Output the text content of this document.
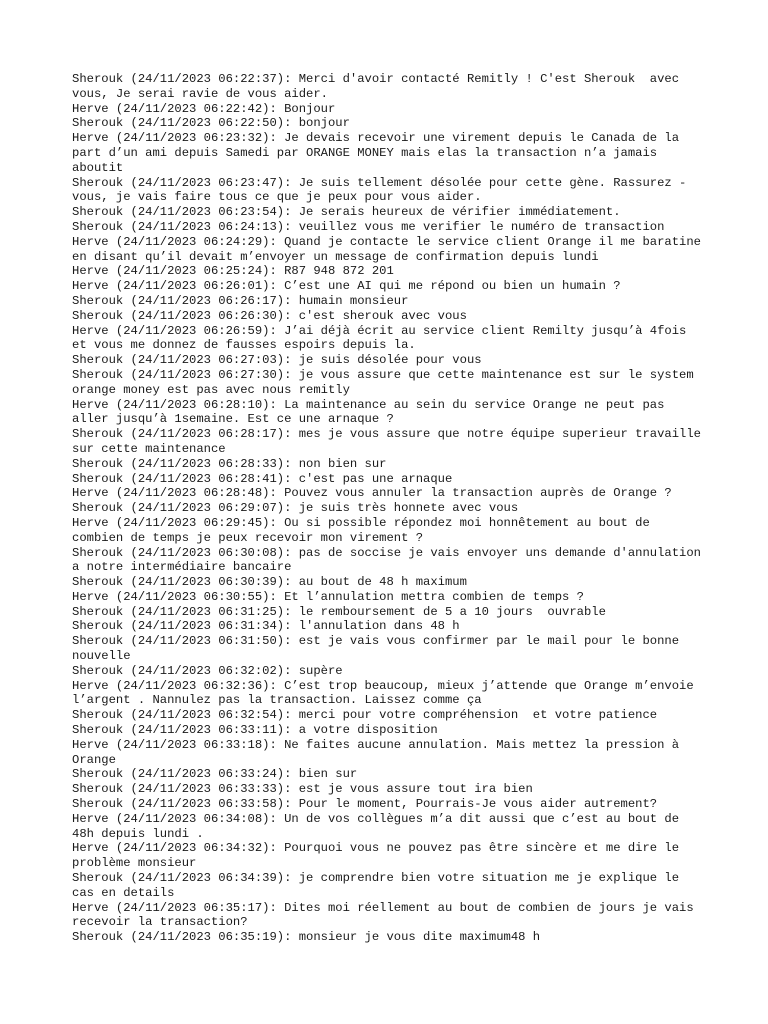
Sherouk (24/11/2023 06:22:37): Merci d'avoir contacté Remitly ! C'est Sherouk  avec vous, Je serai ravie de vous aider.
Herve (24/11/2023 06:22:42): Bonjour
Sherouk (24/11/2023 06:22:50): bonjour
Herve (24/11/2023 06:23:32): Je devais recevoir une virement depuis le Canada de la part d’un ami depuis Samedi par ORANGE MONEY mais elas la transaction n’a jamais aboutit
Sherouk (24/11/2023 06:23:47): Je suis tellement désolée pour cette gène. Rassurez - vous, je vais faire tous ce que je peux pour vous aider.
Sherouk (24/11/2023 06:23:54): Je serais heureux de vérifier immédiatement.
Sherouk (24/11/2023 06:24:13): veuillez vous me verifier le numéro de transaction
Herve (24/11/2023 06:24:29): Quand je contacte le service client Orange il me baratine en disant qu’il devait m’envoyer un message de confirmation depuis lundi
Herve (24/11/2023 06:25:24): R87 948 872 201
Herve (24/11/2023 06:26:01): C’est une AI qui me répond ou bien un humain ?
Sherouk (24/11/2023 06:26:17): humain monsieur
Sherouk (24/11/2023 06:26:30): c'est sherouk avec vous
Herve (24/11/2023 06:26:59): J’ai déjà écrit au service client Remilty jusqu’à 4fois et vous me donnez de fausses espoirs depuis la.
Sherouk (24/11/2023 06:27:03): je suis désolée pour vous
Sherouk (24/11/2023 06:27:30): je vous assure que cette maintenance est sur le system orange money est pas avec nous remitly
Herve (24/11/2023 06:28:10): La maintenance au sein du service Orange ne peut pas aller jusqu’à 1semaine. Est ce une arnaque ?
Sherouk (24/11/2023 06:28:17): mes je vous assure que notre équipe superieur travaille sur cette maintenance
Sherouk (24/11/2023 06:28:33): non bien sur
Sherouk (24/11/2023 06:28:41): c'est pas une arnaque
Herve (24/11/2023 06:28:48): Pouvez vous annuler la transaction auprès de Orange ?
Sherouk (24/11/2023 06:29:07): je suis très honnete avec vous
Herve (24/11/2023 06:29:45): Ou si possible répondez moi honnêtement au bout de combien de temps je peux recevoir mon virement ?
Sherouk (24/11/2023 06:30:08): pas de soccise je vais envoyer uns demande d'annulation a notre intermédiaire bancaire
Sherouk (24/11/2023 06:30:39): au bout de 48 h maximum
Herve (24/11/2023 06:30:55): Et l’annulation mettra combien de temps ?
Sherouk (24/11/2023 06:31:25): le remboursement de 5 a 10 jours  ouvrable
Sherouk (24/11/2023 06:31:34): l'annulation dans 48 h
Sherouk (24/11/2023 06:31:50): est je vais vous confirmer par le mail pour le bonne nouvelle
Sherouk (24/11/2023 06:32:02): supère
Herve (24/11/2023 06:32:36): C’est trop beaucoup, mieux j’attende que Orange m’envoie l’argent . Nannulez pas la transaction. Laissez comme ça
Sherouk (24/11/2023 06:32:54): merci pour votre compréhension  et votre patience
Sherouk (24/11/2023 06:33:11): a votre disposition
Herve (24/11/2023 06:33:18): Ne faites aucune annulation. Mais mettez la pression à Orange
Sherouk (24/11/2023 06:33:24): bien sur
Sherouk (24/11/2023 06:33:33): est je vous assure tout ira bien
Sherouk (24/11/2023 06:33:58): Pour le moment, Pourrais-Je vous aider autrement?
Herve (24/11/2023 06:34:08): Un de vos collègues m’a dit aussi que c’est au bout de 48h depuis lundi .
Herve (24/11/2023 06:34:32): Pourquoi vous ne pouvez pas être sincère et me dire le problème monsieur
Sherouk (24/11/2023 06:34:39): je comprendre bien votre situation me je explique le cas en details
Herve (24/11/2023 06:35:17): Dites moi réellement au bout de combien de jours je vais recevoir la transaction?
Sherouk (24/11/2023 06:35:19): monsieur je vous dite maximum48 h
